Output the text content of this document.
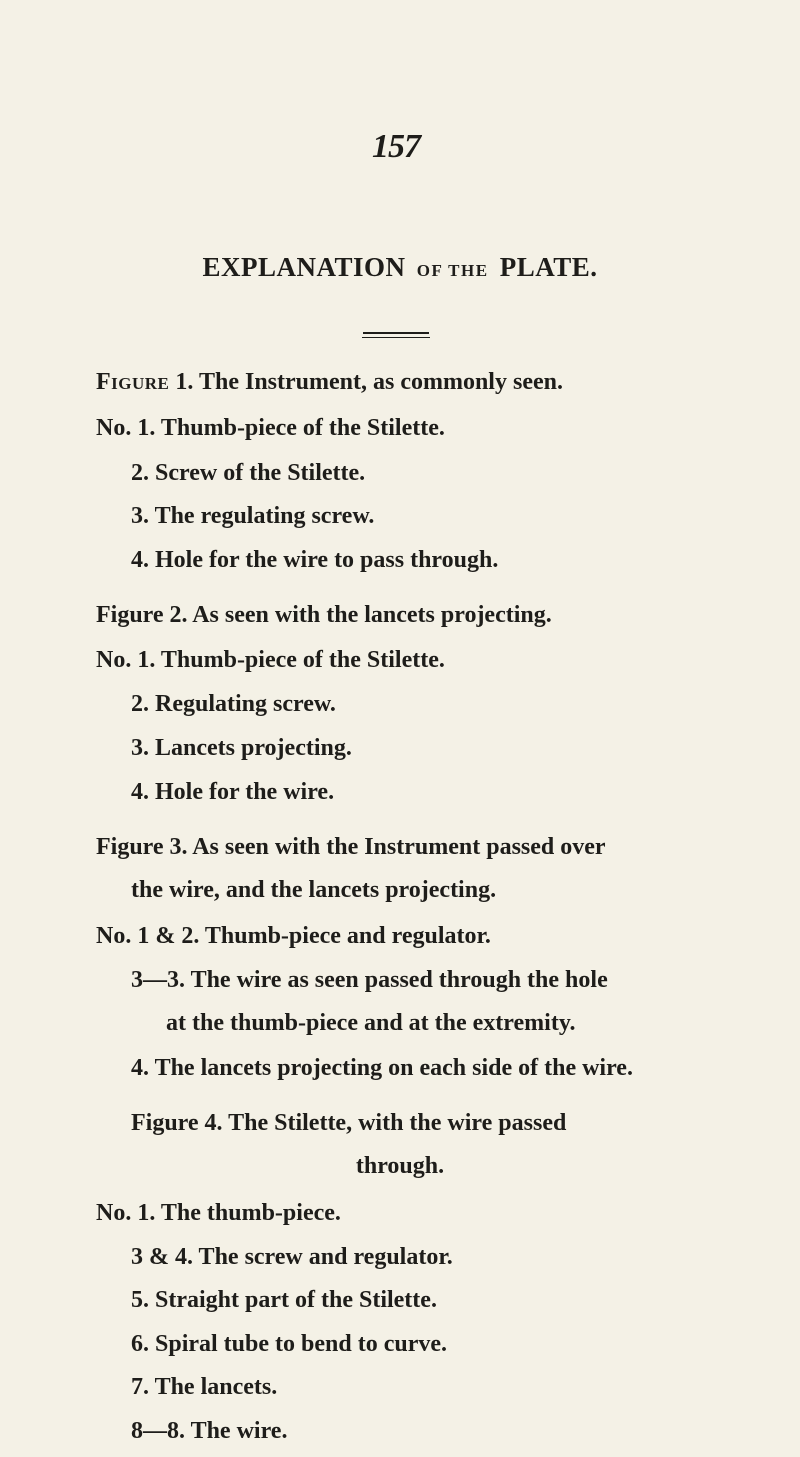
157
EXPLANATION OF THE PLATE.
Figure 1. The Instrument, as commonly seen.
No. 1. Thumb-piece of the Stilette.
2. Screw of the Stilette.
3. The regulating screw.
4. Hole for the wire to pass through.
Figure 2. As seen with the lancets projecting.
No. 1. Thumb-piece of the Stilette.
2. Regulating screw.
3. Lancets projecting.
4. Hole for the wire.
Figure 3. As seen with the Instrument passed over
the wire, and the lancets projecting.
No. 1 & 2. Thumb-piece and regulator.
3—3. The wire as seen passed through the hole
at the thumb-piece and at the extremity.
4. The lancets projecting on each side of the wire.
Figure 4. The Stilette, with the wire passed
through.
No. 1. The thumb-piece.
3 & 4. The screw and regulator.
5. Straight part of the Stilette.
6. Spiral tube to bend to curve.
7. The lancets.
8—8. The wire.
